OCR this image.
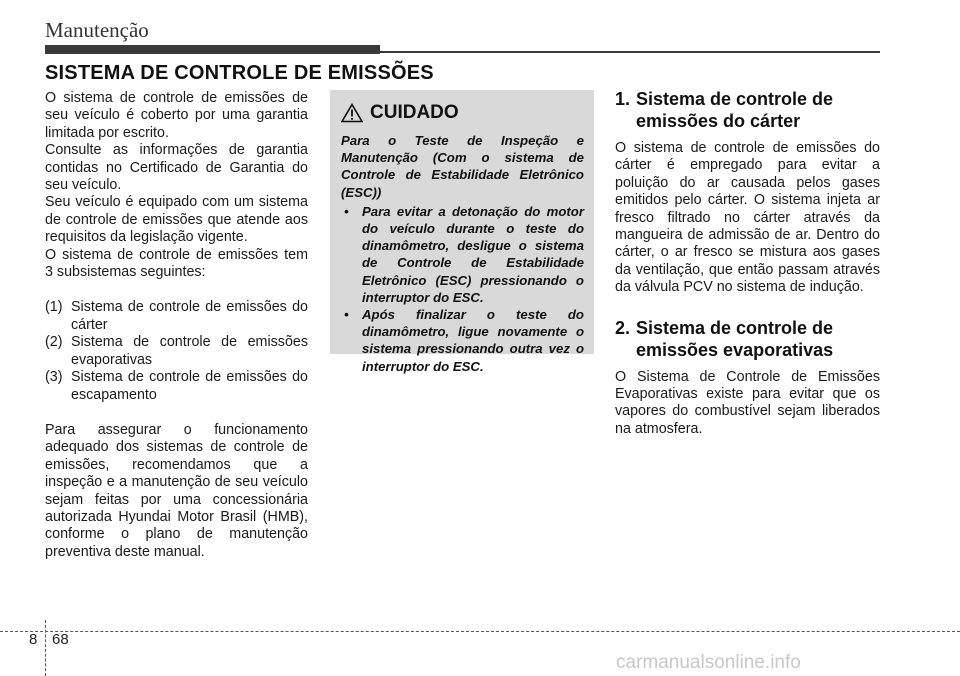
Manutenção
SISTEMA DE CONTROLE DE EMISSÕES

O sistema de controle de emissões de seu veículo é coberto por uma garantia limitada por escrito.

Consulte as informações de garantia contidas no Certificado de Garantia do seu veículo.

Seu veículo é equipado com um sistema de controle de emissões que atende aos requisitos da legislação vigente.

O sistema de controle de emissões tem 3 subsistemas seguintes:

(1) Sistema de controle de emissões do cárter
(2) Sistema de controle de emissões evaporativas
(3) Sistema de controle de emissões do escapamento

Para assegurar o funcionamento adequado dos sistemas de controle de emissões, recomendamos que a inspeção e a manutenção de seu veículo sejam feitas por uma concessionária autorizada Hyundai Motor Brasil (HMB), conforme o plano de manutenção preventiva deste manual.

CUIDADO

Para o Teste de Inspeção e Manutenção (Com o sistema de Controle de Estabilidade Eletrônico (ESC))

• Para evitar a detonação do motor do veículo durante o teste do dinamômetro, desligue o sistema de Controle de Estabilidade Eletrônico (ESC) pressionando o interruptor do ESC.
• Após finalizar o teste do dinamômetro, ligue novamente o sistema pressionando outra vez o interruptor do ESC.
1. Sistema de controle de emissões do cárter

O sistema de controle de emissões do cárter é empregado para evitar a poluição do ar causada pelos gases emitidos pelo cárter. O sistema injeta ar fresco filtrado no cárter através da mangueira de admissão de ar. Dentro do cárter, o ar fresco se mistura aos gases da ventilação, que então passam através da válvula PCV no sistema de indução.

2. Sistema de controle de emissões evaporativas

O Sistema de Controle de Emissões Evaporativas existe para evitar que os vapores do combustível sejam liberados na atmosfera.

8 68
carmanualsonline.info
